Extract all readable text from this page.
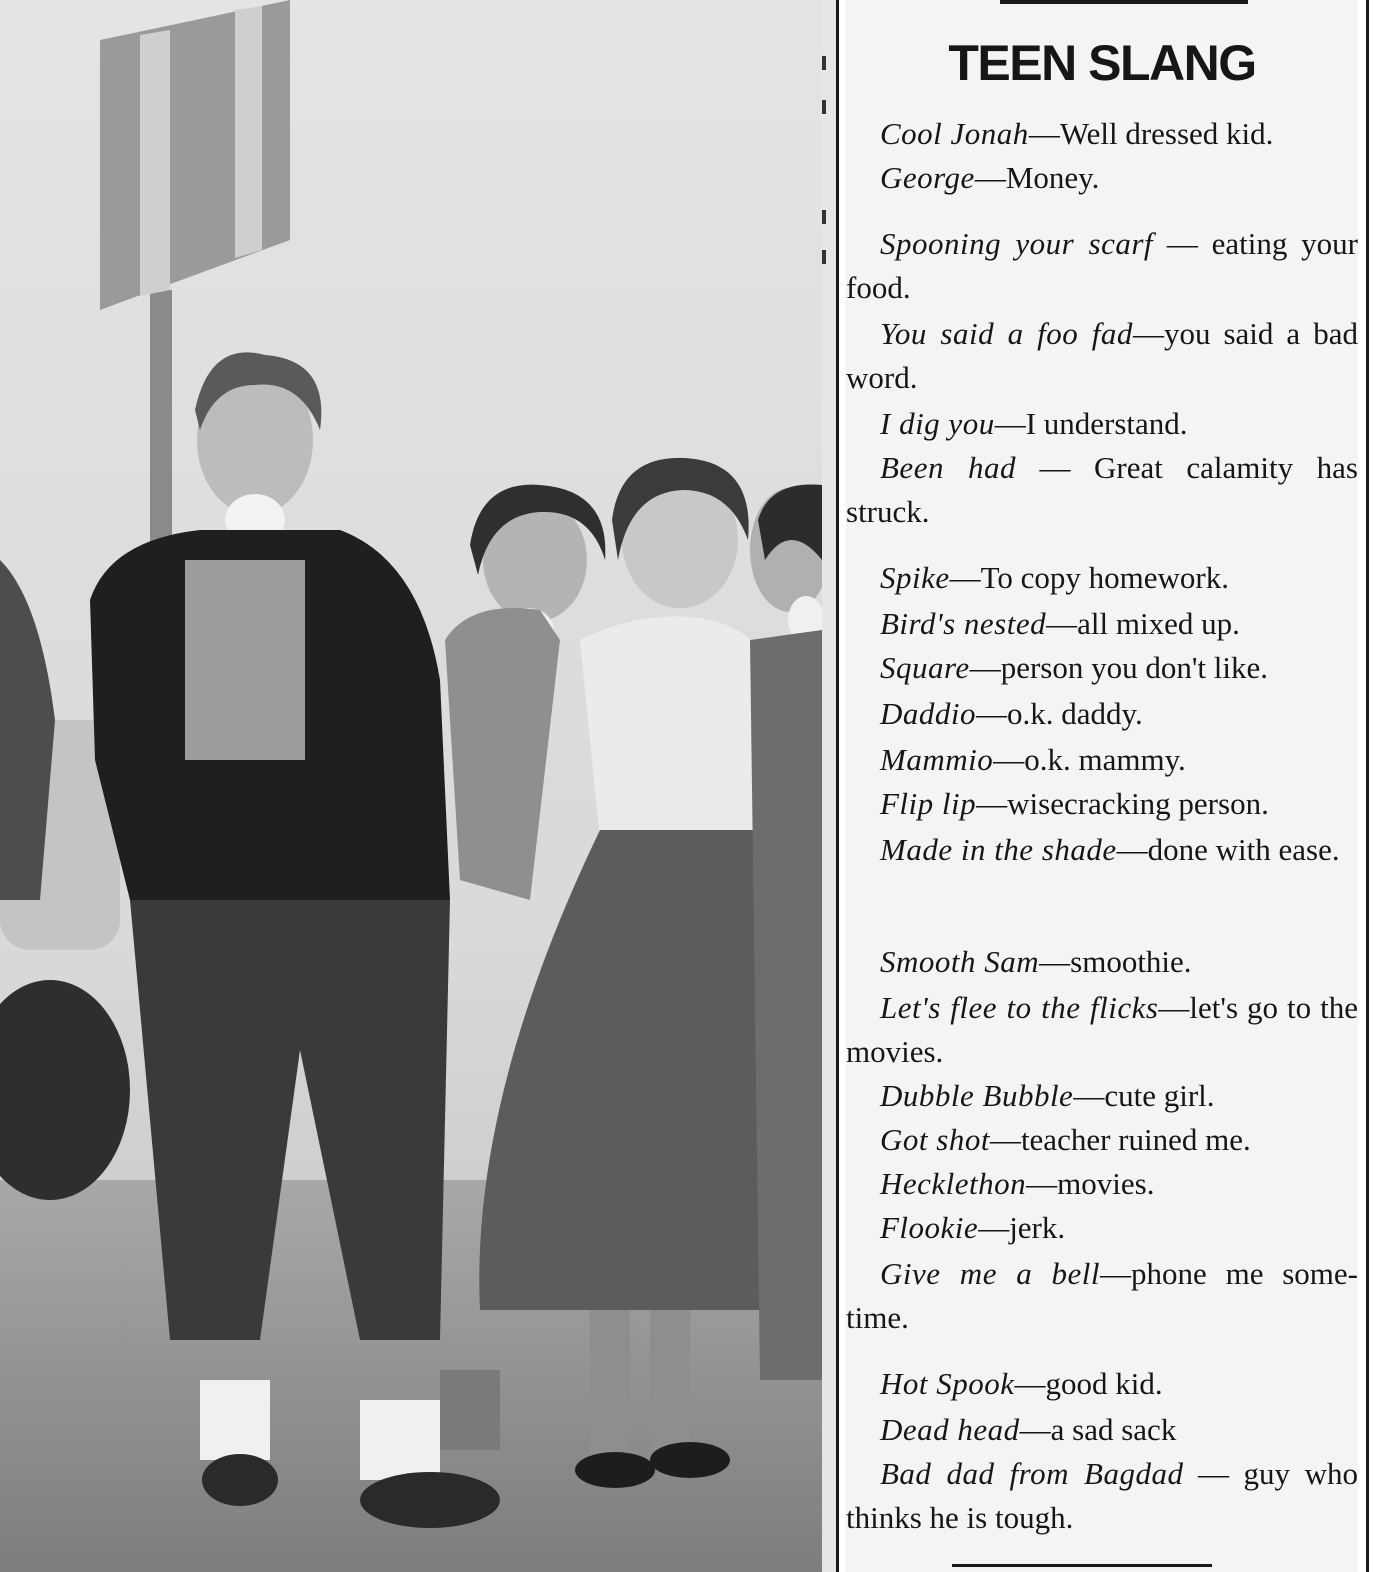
TEEN SLANG

Cool Jonah—Well dressed kid.

George—Money.

Spooning your scarf — eating your food.

You said a foo fad—you said a bad word.

I dig you—I understand.

Been had — Great calamity has struck.

Spike—To copy homework.

Bird's nested—all mixed up.

Square—person you don't like.

Daddio—o.k. daddy.

Mammio—o.k. mammy.

Flip lip—wisecracking person.

Made in the shade—done with ease.

Smooth Sam—smoothie.

Let's flee to the flicks—let's go to the movies.

Dubble Bubble—cute girl.

Got shot—teacher ruined me.

Hecklethon—movies.

Flookie—jerk.

Give me a bell—phone me some-time.

Hot Spook—good kid.

Dead head—a sad sack

Bad dad from Bagdad — guy who thinks he is tough.
